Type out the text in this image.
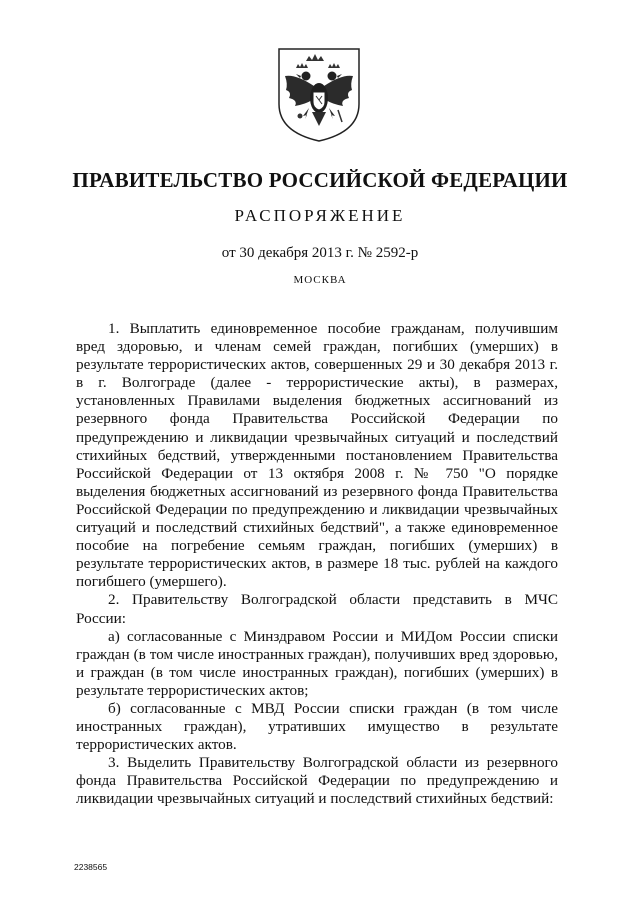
ПРАВИТЕЛЬСТВО РОССИЙСКОЙ ФЕДЕРАЦИИ
РАСПОРЯЖЕНИЕ
от 30 декабря 2013 г. № 2592-р
МОСКВА

1. Выплатить единовременное пособие гражданам, получившим вред здоровью, и членам семей граждан, погибших (умерших) в результате террористических актов, совершенных 29 и 30 декабря 2013 г. в г. Волгограде (далее - террористические акты), в размерах, установленных Правилами выделения бюджетных ассигнований из резервного фонда Правительства Российской Федерации по предупреждению и ликвидации чрезвычайных ситуаций и последствий стихийных бедствий, утвержденными постановлением Правительства Российской Федерации от 13 октября 2008 г. № 750 "О порядке выделения бюджетных ассигнований из резервного фонда Правительства Российской Федерации по предупреждению и ликвидации чрезвычайных ситуаций и последствий стихийных бедствий", а также единовременное пособие на погребение семьям граждан, погибших (умерших) в результате террористических актов, в размере 18 тыс. рублей на каждого погибшего (умершего).

2. Правительству Волгоградской области представить в МЧС России:

а) согласованные с Минздравом России и МИДом России списки граждан (в том числе иностранных граждан), получивших вред здоровью, и граждан (в том числе иностранных граждан), погибших (умерших) в результате террористических актов;

б) согласованные с МВД России списки граждан (в том числе иностранных граждан), утративших имущество в результате террористических актов.

3. Выделить Правительству Волгоградской области из резервного фонда Правительства Российской Федерации по предупреждению и ликвидации чрезвычайных ситуаций и последствий стихийных бедствий:

2238565
